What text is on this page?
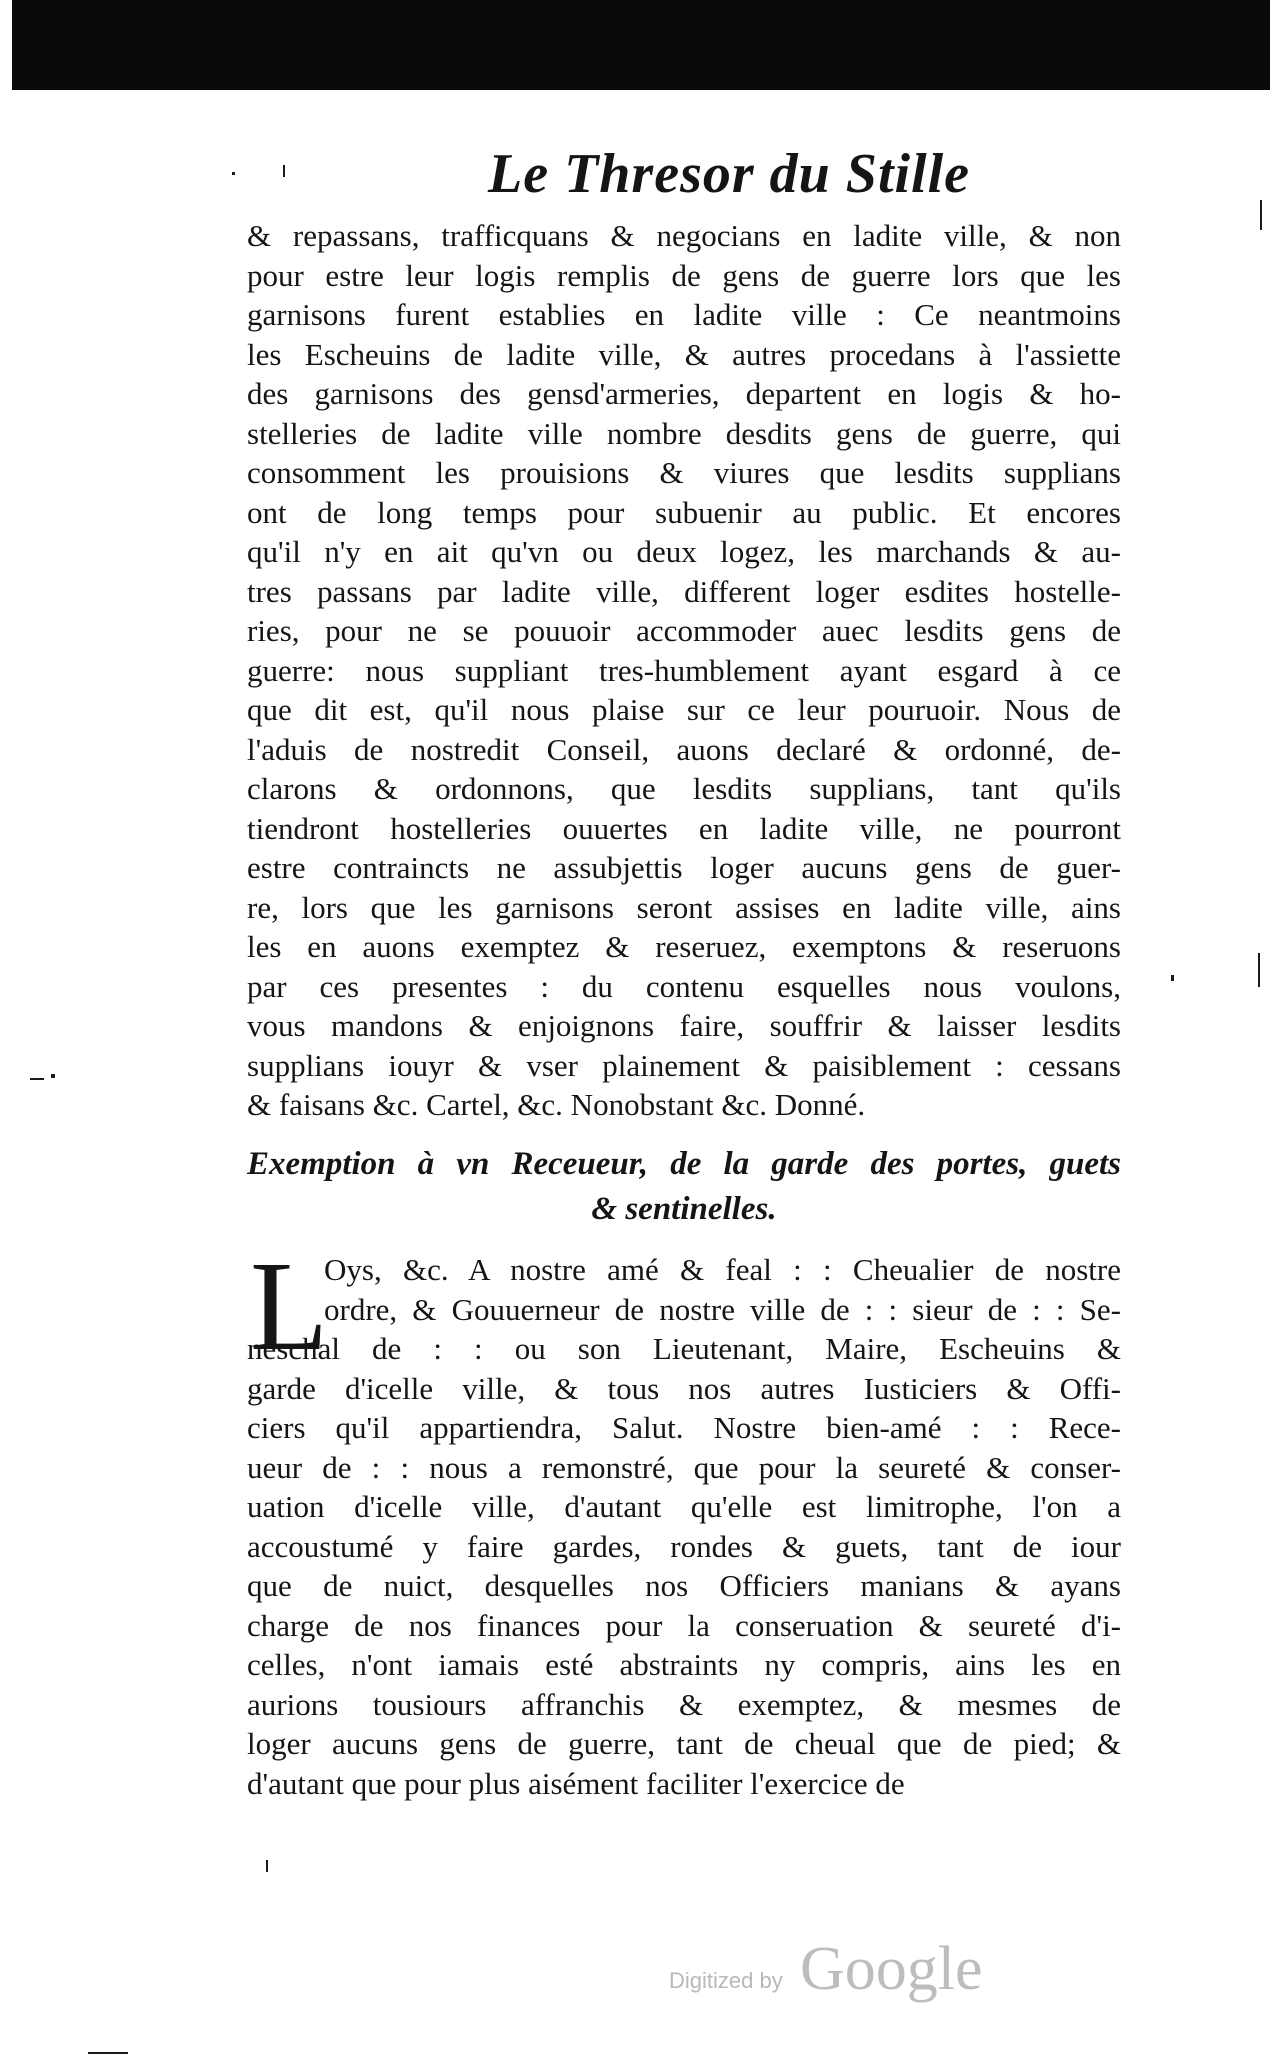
Le Thresor du Stille
& repassans, trafficquans & negocians en ladite ville, & non
pour estre leur logis remplis de gens de guerre lors que les
garnisons furent establies en ladite ville : Ce neantmoins
les Escheuins de ladite ville, & autres procedans à l'assiette
des garnisons des gensd'armeries, departent en logis & ho-
stelleries de ladite ville nombre desdits gens de guerre, qui
consomment les prouisions & viures que lesdits supplians
ont de long temps pour subuenir au public. Et encores
qu'il n'y en ait qu'vn ou deux logez, les marchands & au-
tres passans par ladite ville, different loger esdites hostelle-
ries, pour ne se pouuoir accommoder auec lesdits gens de
guerre: nous suppliant tres-humblement ayant esgard à ce
que dit est, qu'il nous plaise sur ce leur pouruoir. Nous de
l'aduis de nostredit Conseil, auons declaré & ordonné, de-
clarons & ordonnons, que lesdits supplians, tant qu'ils
tiendront hostelleries ouuertes en ladite ville, ne pourront
estre contraincts ne assubjettis loger aucuns gens de guer-
re, lors que les garnisons seront assises en ladite ville, ains
les en auons exemptez & reseruez, exemptons & reseruons
par ces presentes : du contenu esquelles nous voulons,
vous mandons & enjoignons faire, souffrir & laisser lesdits
supplians iouyr & vser plainement & paisiblement : cessans
& faisans &c. Cartel, &c. Nonobstant &c. Donné.
Exemption à vn Receueur, de la garde des portes, guets
& sentinelles.
L
Oys, &c. A nostre amé & feal : : Cheualier de nostre
ordre, & Gouuerneur de nostre ville de : : sieur de : : Se-
neschal de : : ou son Lieutenant, Maire, Escheuins &
garde d'icelle ville, & tous nos autres Iusticiers & Offi-
ciers qu'il appartiendra, Salut. Nostre bien-amé : : Rece-
ueur de : : nous a remonstré, que pour la seureté & conser-
uation d'icelle ville, d'autant qu'elle est limitrophe, l'on a
accoustumé y faire gardes, rondes & guets, tant de iour
que de nuict, desquelles nos Officiers manians & ayans
charge de nos finances pour la conseruation & seureté d'i-
celles, n'ont iamais esté abstraints ny compris, ains les en
aurions tousiours affranchis & exemptez, & mesmes de
loger aucuns gens de guerre, tant de cheual que de pied; &
d'autant que pour plus aisément faciliter l'exercice de
Digitized by Google
